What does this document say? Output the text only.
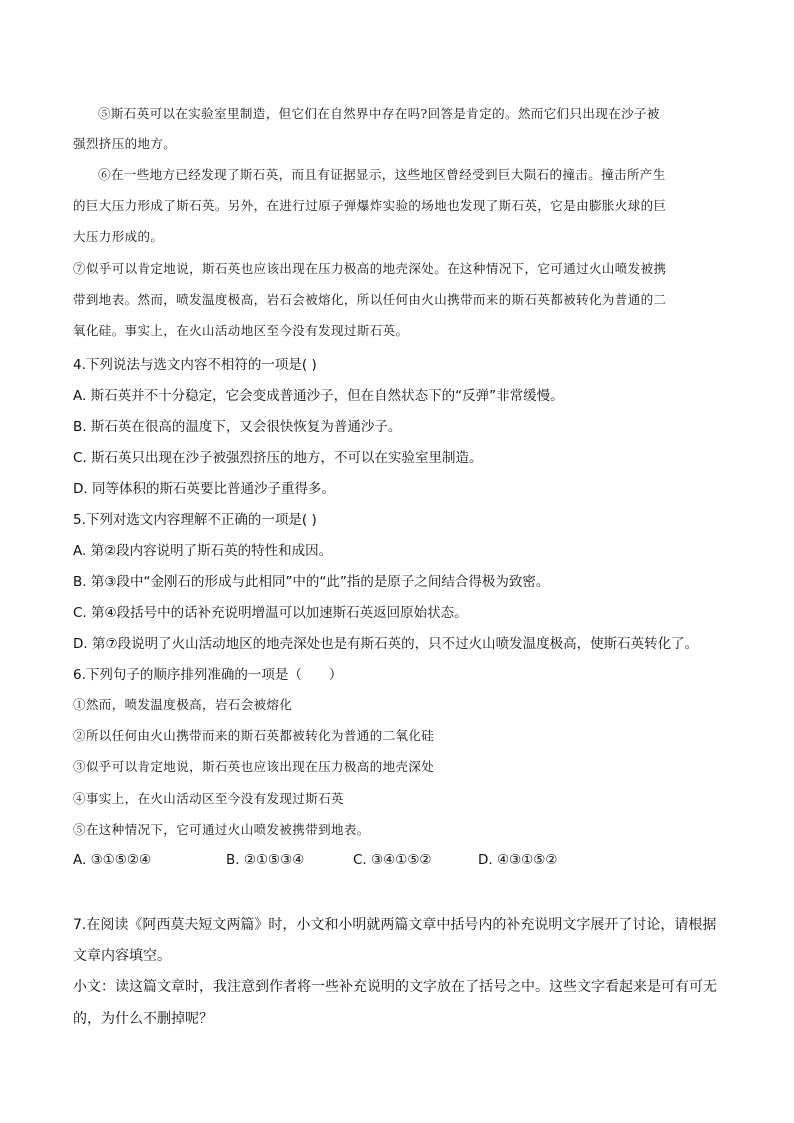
⑤斯石英可以在实验室里制造，但它们在自然界中存在吗?回答是肯定的。然而它们只出现在沙子被
强烈挤压的地方。
⑥在一些地方已经发现了斯石英，而且有证据显示，这些地区曾经受到巨大陨石的撞击。撞击所产生
的巨大压力形成了斯石英。另外，在进行过原子弹爆炸实验的场地也发现了斯石英，它是由膨胀火球的巨
大压力形成的。
⑦似乎可以肯定地说，斯石英也应该出现在压力极高的地壳深处。在这种情况下，它可通过火山喷发被携
带到地表。然而，喷发温度极高，岩石会被熔化，所以任何由火山携带而来的斯石英都被转化为普通的二
氧化硅。事实上，在火山活动地区至今没有发现过斯石英。
4.下列说法与选文内容不相符的一项是( )
A. 斯石英并不十分稳定，它会变成普通沙子，但在自然状态下的“反弹”非常缓慢。
B. 斯石英在很高的温度下，又会很快恢复为普通沙子。
C. 斯石英只出现在沙子被强烈挤压的地方，不可以在实验室里制造。
D. 同等体积的斯石英要比普通沙子重得多。
5.下列对选文内容理解不正确的一项是( )
A. 第②段内容说明了斯石英的特性和成因。
B. 第③段中“金刚石的形成与此相同”中的“此”指的是原子之间结合得极为致密。
C. 第④段括号中的话补充说明增温可以加速斯石英返回原始状态。
D. 第⑦段说明了火山活动地区的地壳深处也是有斯石英的，只不过火山喷发温度极高，使斯石英转化了。
6.下列句子的顺序排列准确的一项是（　　）
①然而，喷发温度极高，岩石会被熔化
②所以任何由火山携带而来的斯石英都被转化为普通的二氧化硅
③似乎可以肯定地说，斯石英也应该出现在压力极高的地壳深处
④事实上，在火山活动区至今没有发现过斯石英
⑤在这种情况下，它可通过火山喷发被携带到地表。
A. ③①⑤②④	B. ②①⑤③④	C. ③④①⑤②	D. ④③①⑤②
7.在阅读《阿西莫夫短文两篇》时，小文和小明就两篇文章中括号内的补充说明文字展开了讨论，请根据
文章内容填空。
小文：读这篇文章时，我注意到作者将一些补充说明的文字放在了括号之中。这些文字看起来是可有可无
的，为什么不删掉呢？
